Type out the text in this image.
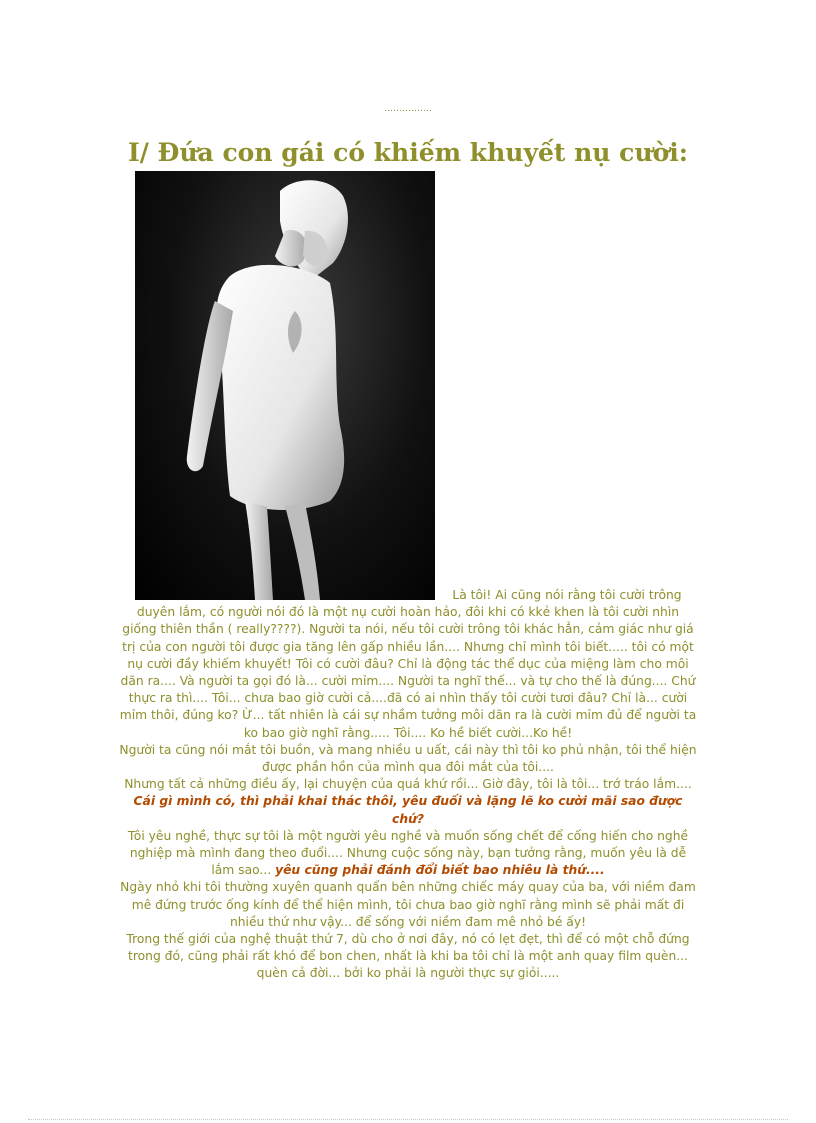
…………….
I/ Đứa con gái có khiếm khuyết nụ cười:

Là tôi! Ai cũng nói rằng tôi cười trông duyên lắm, có người nói đó là một nụ cười hoàn hảo, đôi khi có kkẻ khen là tôi cười nhìn giống thiên thần ( really????). Người ta nói, nếu tôi cười trông tôi khác hẳn, cảm giác như giá trị của con người tôi được gia tăng lên gấp nhiều lần.... Nhưng chỉ mình tôi biết..... tôi có một nụ cười đầy khiếm khuyết! Tôi có cười đâu? Chỉ là động tác thể dục của miệng làm cho môi dãn ra.... Và người ta gọi đó là... cười mỉm.... Người ta nghĩ thế... và tự cho thế là đúng.... Chứ thực ra thì.... Tôi... chưa bao giờ cười cả....đã có ai nhìn thấy tôi cười tươi đâu? Chỉ là... cười mỉm thôi, đúng ko? Ừ... tất nhiên là cái sự nhầm tưởng môi dãn ra là cười mỉm đủ để người ta ko bao giờ nghĩ rằng..... Tôi.... Ko hề biết cười...Ko hề!

Người ta cũng nói mắt tôi buồn, và mang nhiều u uất, cái này thì tôi ko phủ nhận, tôi thể hiện được phần hồn của mình qua đôi mắt của tôi....

Nhưng tất cả những điều ấy, lại chuyện của quá khứ rồi... Giờ đây, tôi là tôi... trớ tráo lắm.... Cái gì mình có, thì phải khai thác thôi, yêu đuối và lặng lẽ ko cười mãi sao được chứ?

Tôi yêu nghề, thực sự tôi là một người yêu nghề và muốn sống chết để cống hiến cho nghề nghiệp mà mình đang theo đuổi.... Nhưng cuộc sống này, bạn tưởng rằng, muốn yêu là dễ lắm sao... yêu cũng phải đánh đổi biết bao nhiêu là thứ....

Ngày nhỏ khi tôi thường xuyên quanh quẩn bên những chiếc máy quay của ba, với niềm đam mê đứng trước ống kính để thể hiện mình, tôi chưa bao giờ nghĩ rằng mình sẽ phải mất đi nhiều thứ như vậy... để sống với niềm đam mê nhỏ bé ấy!

Trong thế giới của nghệ thuật thứ 7, dù cho ở nơi đây, nó có lẹt đẹt, thì để có một chỗ đứng trong đó, cũng phải rất khó để bon chen, nhất là khi ba tôi chỉ là một anh quay film quèn... quèn cả đời... bởi ko phải là người thực sự giỏi.....
